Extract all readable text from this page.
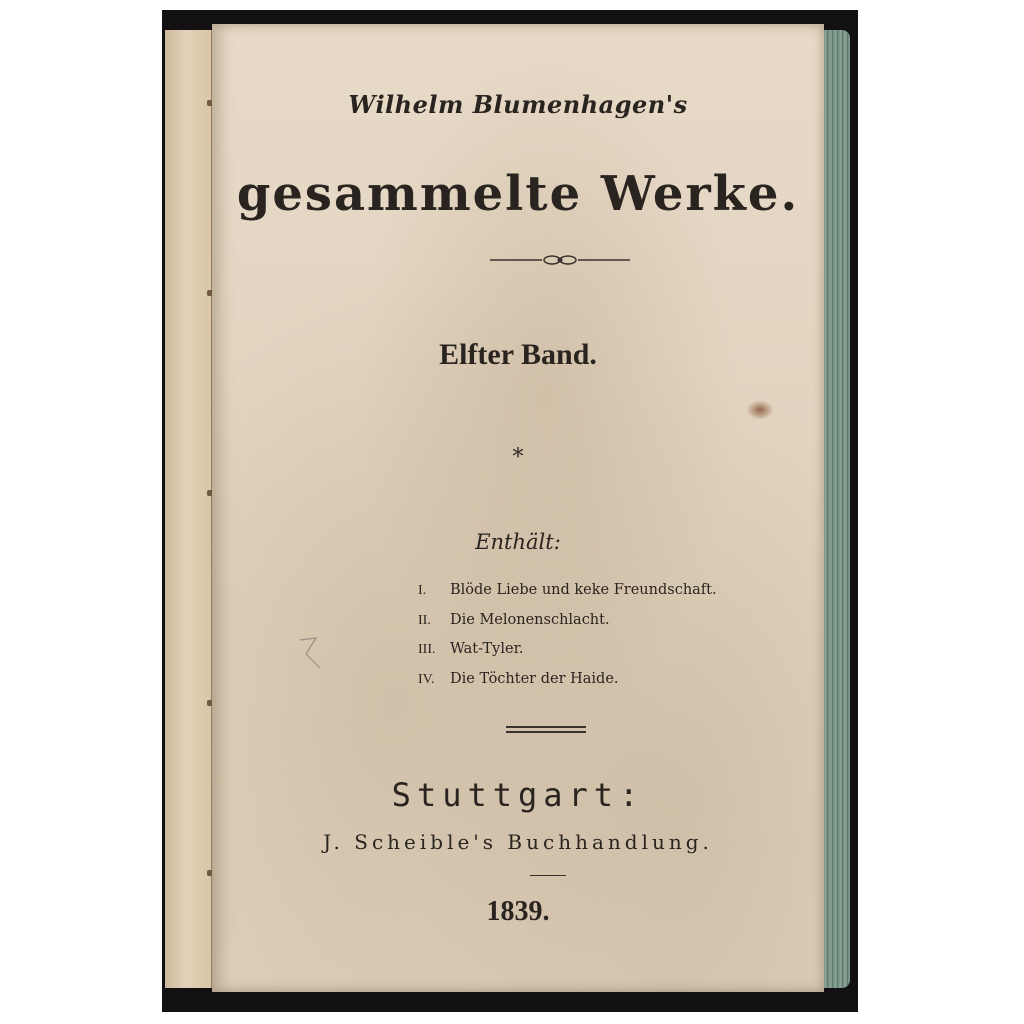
Wilhelm Blumenhagen's
gesammelte Werke.
Elfter Band.
*
Enthält:
I. Blöde Liebe und keke Freundschaft.
II. Die Melonenschlacht.
III. Wat-Tyler.
IV. Die Töchter der Haide.
Stuttgart:
J. Scheible's Buchhandlung.
1839.
